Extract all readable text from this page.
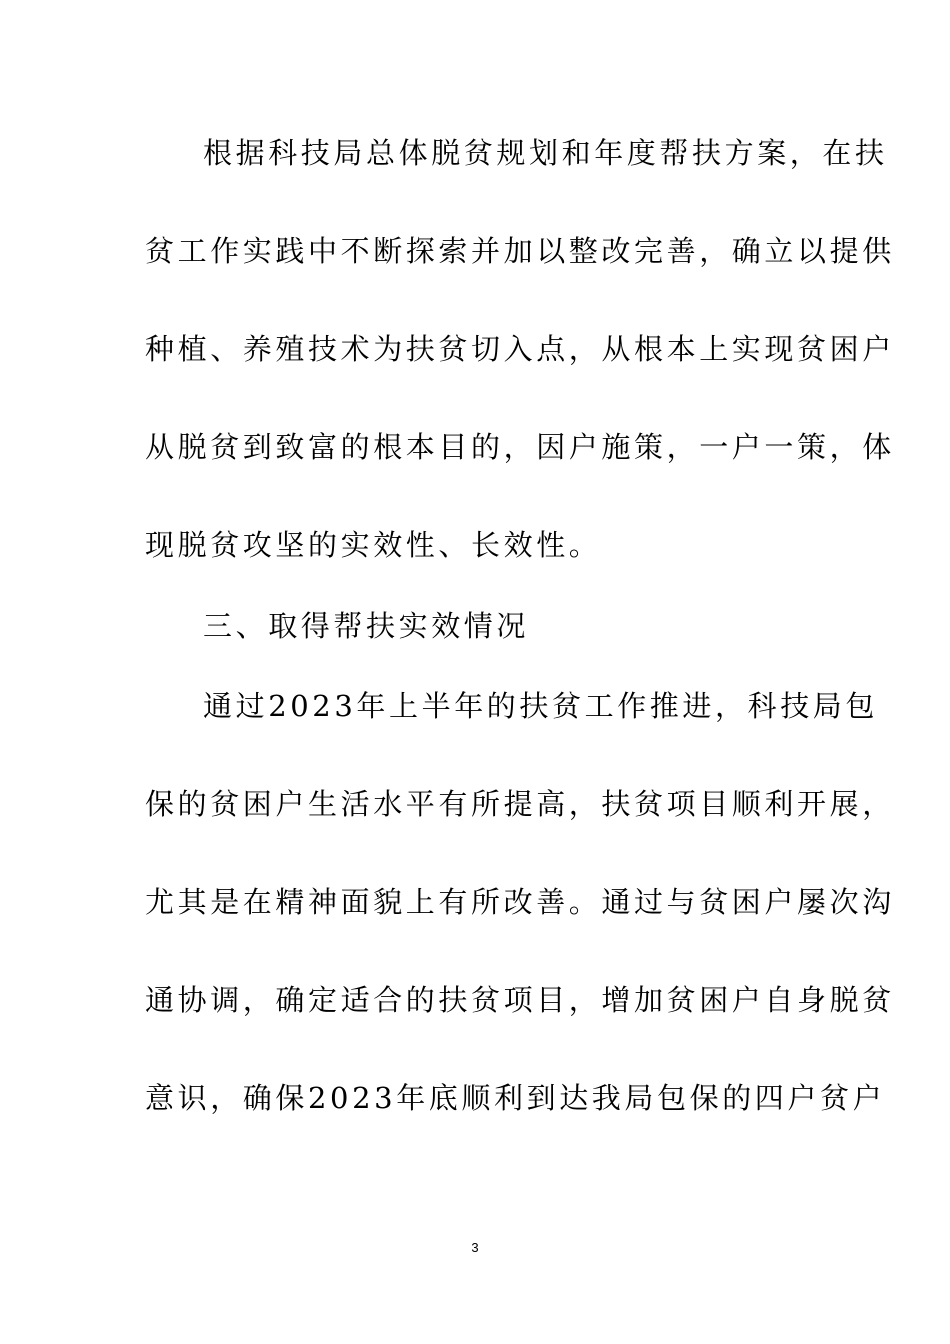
根据科技局总体脱贫规划和年度帮扶方案，在扶
贫工作实践中不断探索并加以整改完善，确立以提供
种植、养殖技术为扶贫切入点，从根本上实现贫困户
从脱贫到致富的根本目的，因户施策，一户一策，体
现脱贫攻坚的实效性、长效性。
三、取得帮扶实效情况
通过2023年上半年的扶贫工作推进，科技局包
保的贫困户生活水平有所提高，扶贫项目顺利开展，
尤其是在精神面貌上有所改善。通过与贫困户屡次沟
通协调，确定适合的扶贫项目，增加贫困户自身脱贫
意识，确保2023年底顺利到达我局包保的四户贫户
3
